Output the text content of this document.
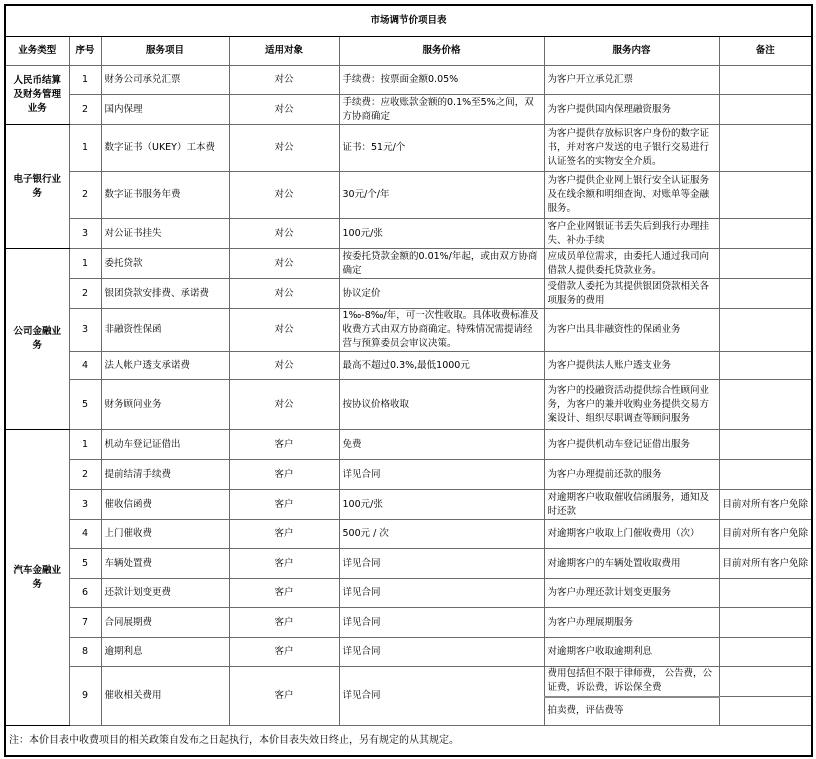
市场调节价项目表						
业务类型	序号	服务项目	适用对象	服务价格	服务内容	备注
人民币结算及财务管理业务	1	财务公司承兑汇票	对公	手续费：按票面金额0.05%	为客户开立承兑汇票	
	2	国内保理	对公	手续费：应收账款金额的0.1%至5%之间，双方协商确定	为客户提供国内保理融资服务	
电子银行业务	1	数字证书（UKEY）工本费	对公	证书：51元/个	为客户提供存放标识客户身份的数字证书，并对客户发送的电子银行交易进行认证签名的实物安全介质。	
	2	数字证书服务年费	对公	30元/个/年	为客户提供企业网上银行安全认证服务及在线余额和明细查询、对账单等金融服务。	
	3	对公证书挂失	对公	100元/张	客户企业网银证书丢失后到我行办理挂失、补办手续	
公司金融业务	1	委托贷款	对公	按委托贷款金额的0.01%/年起，或由双方协商确定	应成员单位需求，由委托人通过我司向借款人提供委托贷款业务。	
	2	银团贷款安排费、承诺费	对公	协议定价	受借款人委托为其提供银团贷款相关各项服务的费用	
	3	非融资性保函	对公	1‰-8‰/年，可一次性收取。具体收费标准及收费方式由双方协商确定。特殊情况需提请经营与预算委员会审议决策。	为客户出具非融资性的保函业务	
	4	法人帐户透支承诺费	对公	最高不超过0.3%,最低1000元	为客户提供法人账户透支业务	
	5	财务顾问业务	对公	按协议价格收取	为客户的投融资活动提供综合性顾问业务，为客户的兼并收购业务提供交易方案设计、组织尽职调查等顾问服务	
汽车金融业务	1	机动车登记证借出	客户	免费	为客户提供机动车登记证借出服务	
	2	提前结清手续费	客户	详见合同	为客户办理提前还款的服务	
	3	催收信函费	客户	100元/张	对逾期客户收取催收信函服务，通知及时还款	目前对所有客户免除
	4	上门催收费	客户	500元 / 次	对逾期客户收取上门催收费用（次）	目前对所有客户免除
	5	车辆处置费	客户	详见合同	对逾期客户的车辆处置收取费用	目前对所有客户免除
	6	还款计划变更费	客户	详见合同	为客户办理还款计划变更服务	
	7	合同展期费	客户	详见合同	为客户办理展期服务	
	8	逾期利息	客户	详见合同	对逾期客户收取逾期利息	
	9	催收相关费用	客户	详见合同	费用包括但不限于律师费， 公告费，公证费，诉讼费，诉讼保全费	
					拍卖费，评估费等	
注：本价目表中收费项目的相关政策自发布之日起执行，本价目表失效日终止，另有规定的从其规定。						
